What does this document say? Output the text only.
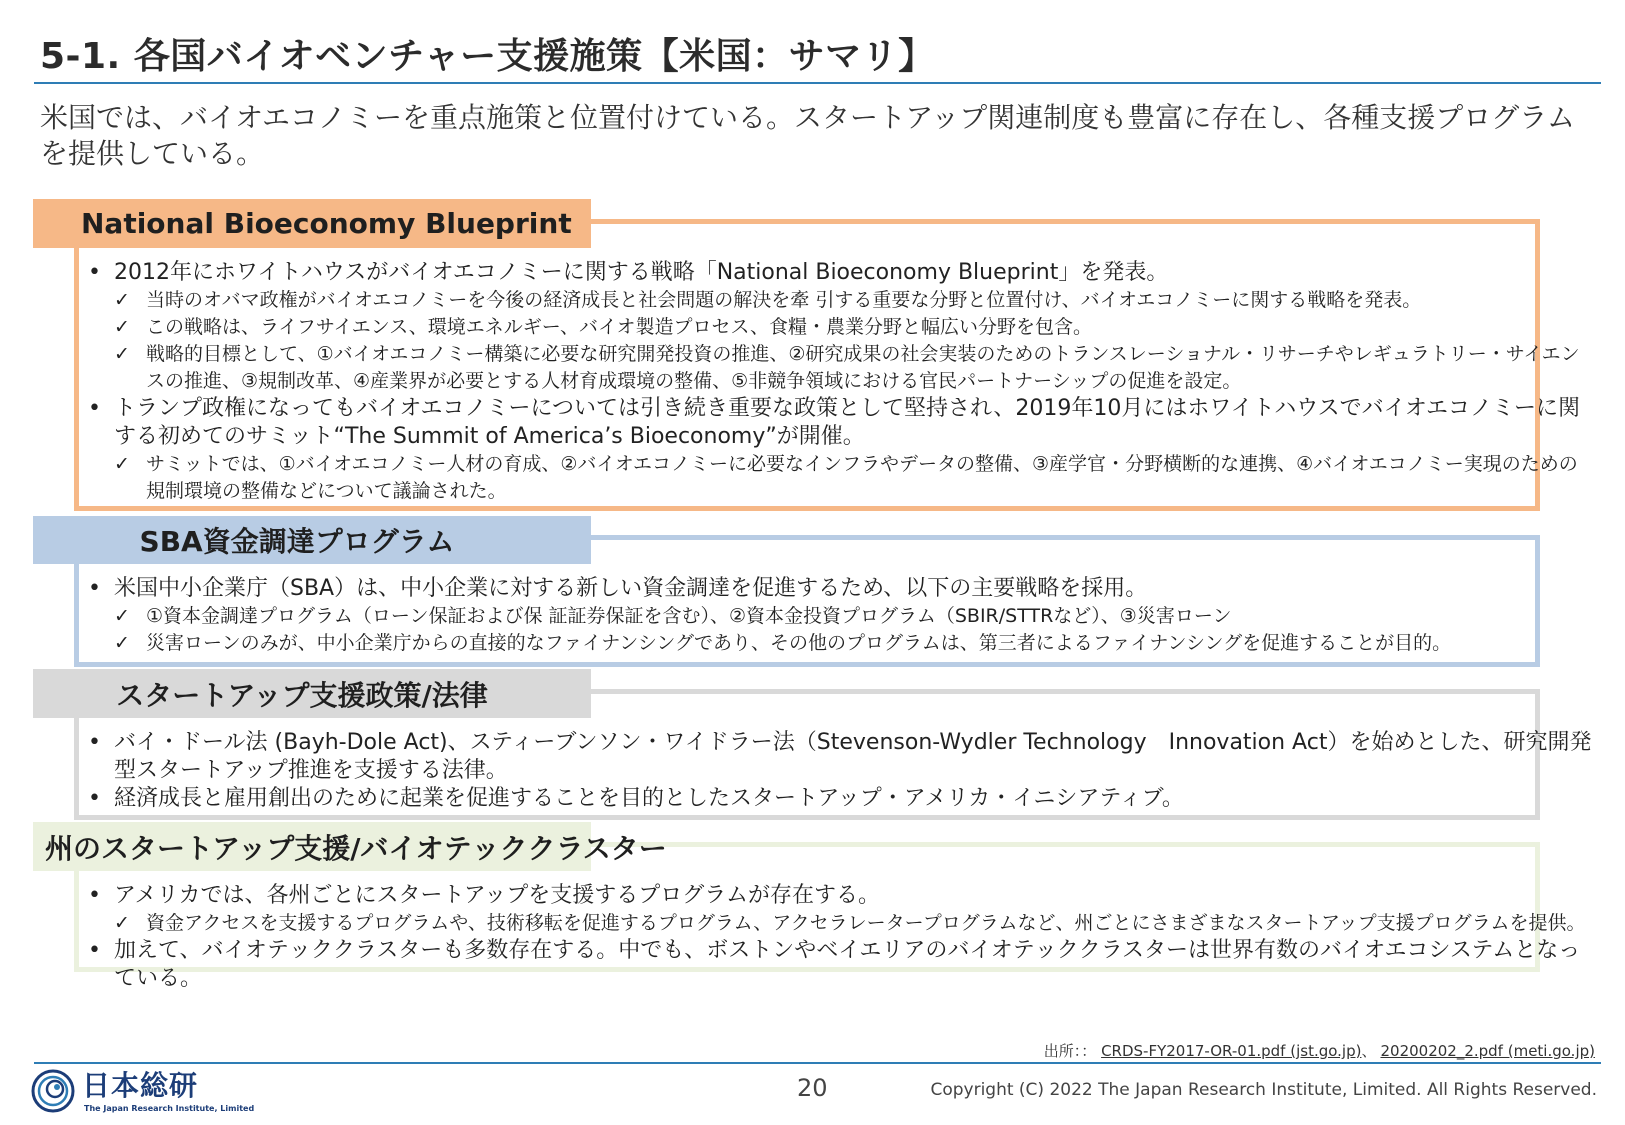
5-1. 各国バイオベンチャー支援施策【米国：サマリ】
米国では、バイオエコノミーを重点施策と位置付けている。スタートアップ関連制度も豊富に存在し、各種支援プログラムを提供している。
National Bioeconomy Blueprint
• 2012年にホワイトハウスがバイオエコノミーに関する戦略「National Bioeconomy Blueprint」を発表。
✓ 当時のオバマ政権がバイオエコノミーを今後の経済成長と社会問題の解決を牽 引する重要な分野と位置付け、バイオエコノミーに関する戦略を発表。
✓ この戦略は、ライフサイエンス、環境エネルギー、バイオ製造プロセス、食糧・農業分野と幅広い分野を包含。
✓ 戦略的目標として、①バイオエコノミー構築に必要な研究開発投資の推進、②研究成果の社会実装のためのトランスレーショナル・リサーチやレギュラトリー・サイエンスの推進、③規制改革、④産業界が必要とする人材育成環境の整備、⑤非競争領域における官民パートナーシップの促進を設定。
• トランプ政権になってもバイオエコノミーについては引き続き重要な政策として堅持され、2019年10月にはホワイトハウスでバイオエコノミーに関する初めてのサミット“The Summit of America’s Bioeconomy”が開催。
✓ サミットでは、①バイオエコノミー人材の育成、②バイオエコノミーに必要なインフラやデータの整備、③産学官・分野横断的な連携、④バイオエコノミー実現のための規制環境の整備などについて議論された。
SBA資金調達プログラム
• 米国中小企業庁（SBA）は、中小企業に対する新しい資金調達を促進するため、以下の主要戦略を採用。
✓ ①資本金調達プログラム（ローン保証および保 証証券保証を含む）、②資本金投資プログラム（SBIR/STTRなど）、③災害ローン
✓ 災害ローンのみが、中小企業庁からの直接的なファイナンシングであり、その他のプログラムは、第三者によるファイナンシングを促進することが目的。
スタートアップ支援政策/法律
• バイ・ドール法 (Bayh-Dole Act)、スティーブンソン・ワイドラー法（Stevenson-Wydler Technology　Innovation Act）を始めとした、研究開発型スタートアップ推進を支援する法律。
• 経済成長と雇用創出のために起業を促進することを目的としたスタートアップ・アメリカ・イニシアティブ。
州のスタートアップ支援/バイオテッククラスター
• アメリカでは、各州ごとにスタートアップを支援するプログラムが存在する。
✓ 資金アクセスを支援するプログラムや、技術移転を促進するプログラム、アクセラレータープログラムなど、州ごとにさまざまなスタートアップ支援プログラムを提供。
• 加えて、バイオテッククラスターも多数存在する。中でも、ボストンやベイエリアのバイオテッククラスターは世界有数のバイオエコシステムとなっている。
出所：： CRDS-FY2017-OR-01.pdf (jst.go.jp)、 20200202_2.pdf (meti.go.jp)
日本総研
The Japan Research Institute, Limited
20	Copyright (C) 2022 The Japan Research Institute, Limited. All Rights Reserved.
